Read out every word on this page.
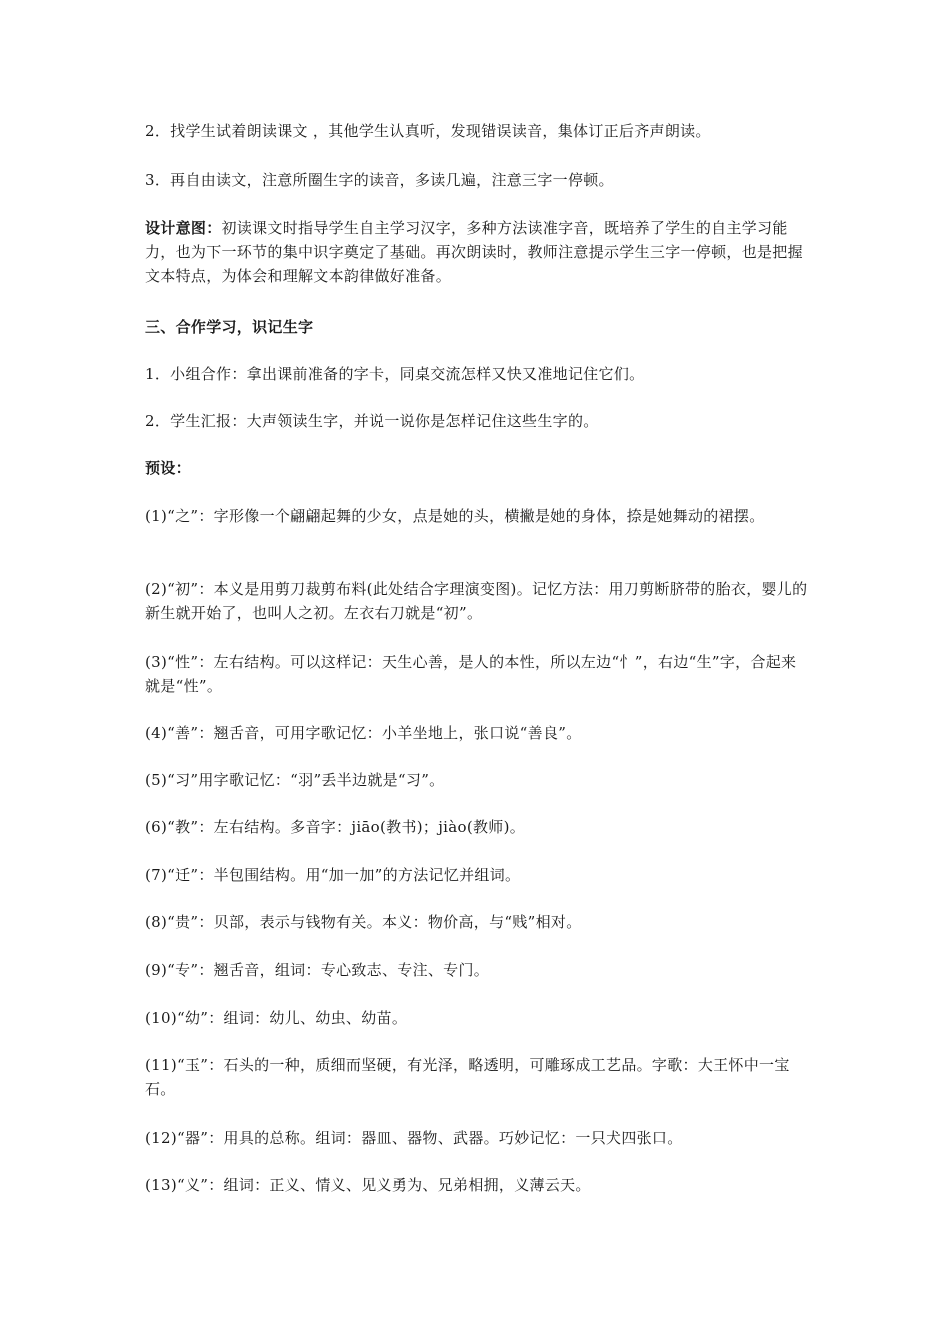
2．找学生试着朗读课文 ，其他学生认真听，发现错误读音，集体订正后齐声朗读。

3．再自由读文，注意所圈生字的读音，多读几遍，注意三字一停顿。

设计意图：初读课文时指导学生自主学习汉字，多种方法读准字音，既培养了学生的自主学习能力，也为下一环节的集中识字奠定了基础。再次朗读时，教师注意提示学生三字一停顿，也是把握文本特点，为体会和理解文本韵律做好准备。

三、合作学习，识记生字

1．小组合作：拿出课前准备的字卡，同桌交流怎样又快又准地记住它们。

2．学生汇报：大声领读生字，并说一说你是怎样记住这些生字的。

预设：

(1)“之”：字形像一个翩翩起舞的少女，点是她的头，横撇是她的身体，捺是她舞动的裙摆。

(2)“初”：本义是用剪刀裁剪布料(此处结合字理演变图)。记忆方法：用刀剪断脐带的胎衣，婴儿的新生就开始了，也叫人之初。左衣右刀就是“初”。

(3)“性”：左右结构。可以这样记：天生心善，是人的本性，所以左边“忄”，右边“生”字，合起来就是“性”。

(4)“善”：翘舌音，可用字歌记忆：小羊坐地上，张口说“善良”。

(5)“习”用字歌记忆：“羽”丢半边就是“习”。

(6)“教”：左右结构。多音字：jiāo(教书)；jiào(教师)。

(7)“迁”：半包围结构。用“加一加”的方法记忆并组词。

(8)“贵”：贝部，表示与钱物有关。本义：物价高，与“贱”相对。

(9)“专”：翘舌音，组词：专心致志、专注、专门。

(10)“幼”：组词：幼儿、幼虫、幼苗。

(11)“玉”：石头的一种，质细而坚硬，有光泽，略透明，可雕琢成工艺品。字歌：大王怀中一宝石。

(12)“器”：用具的总称。组词：器皿、器物、武器。巧妙记忆：一只犬四张口。

(13)“义”：组词：正义、情义、见义勇为、兄弟相拥，义薄云天。
